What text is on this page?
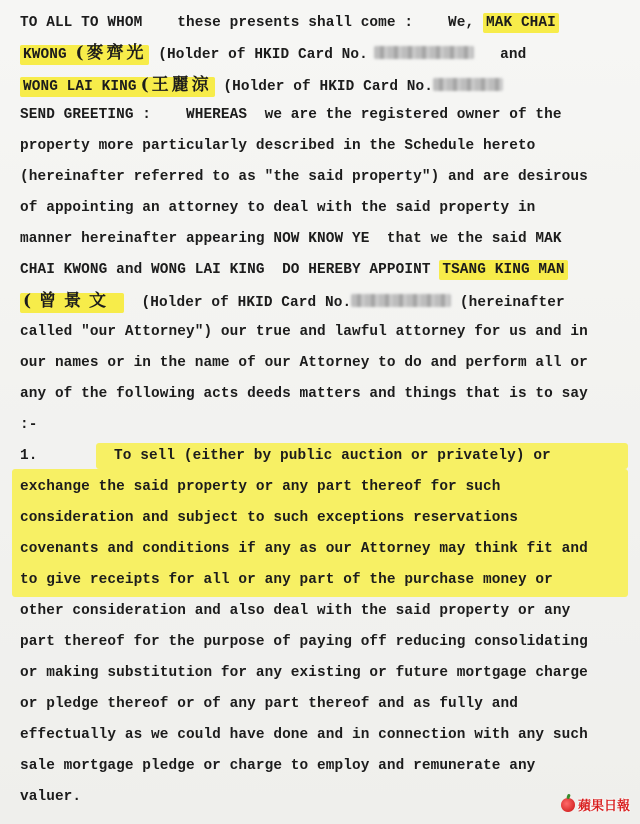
TO ALL TO WHOM    these presents shall come :    We, MAK CHAI
KWONG (麥齊光 (Holder of HKID Card No.	and
WONG LAI KING (王麗涼 (Holder of HKID Card No.
SEND GREETING :    WHEREAS  we are the registered owner of the
property more particularly described in the Schedule hereto
(hereinafter referred to as "the said property") and are desirous
of appointing an attorney to deal with the said property in
manner hereinafter appearing NOW KNOW YE  that we the said MAK
CHAI KWONG and WONG LAI KING  DO HEREBY APPOINT TSANG KING MAN
(曾景文  (Holder of HKID Card No.	(hereinafter
called "our Attorney") our true and lawful attorney for us and in
our names or in the name of our Attorney to do and perform all or
any of the following acts deeds matters and things that is to say
:-
1.	To sell (either by public auction or privately) or
exchange the said property or any part thereof for such
consideration and subject to such exceptions reservations
covenants and conditions if any as our Attorney may think fit and
to give receipts for all or any part of the purchase money or
other consideration and also deal with the said property or any
part thereof for the purpose of paying off reducing consolidating
or making substitution for any existing or future mortgage charge
or pledge thereof or of any part thereof and as fully and
effectually as we could have done and in connection with any such
sale mortgage pledge or charge to employ and remunerate any
valuer.
蘋果日報
